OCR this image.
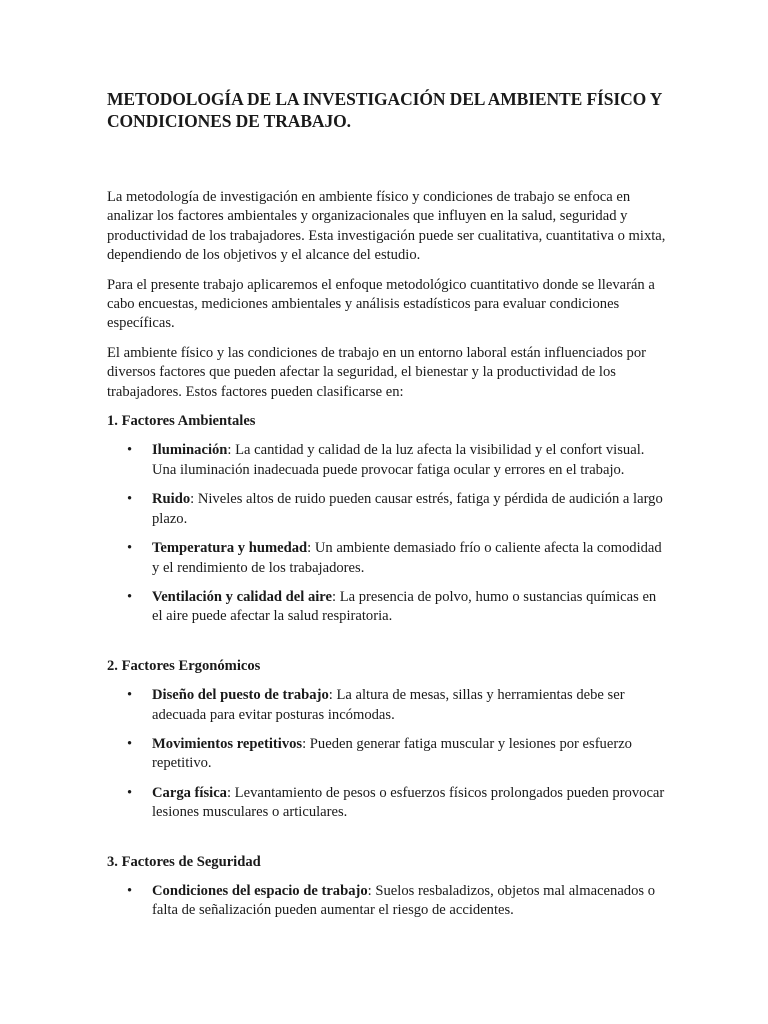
METODOLOGÍA DE LA INVESTIGACIÓN DEL AMBIENTE FÍSICO Y CONDICIONES DE TRABAJO.

La metodología de investigación en ambiente físico y condiciones de trabajo se enfoca en analizar los factores ambientales y organizacionales que influyen en la salud, seguridad y productividad de los trabajadores. Esta investigación puede ser cualitativa, cuantitativa o mixta, dependiendo de los objetivos y el alcance del estudio.

Para el presente trabajo aplicaremos el enfoque metodológico cuantitativo donde se llevarán a cabo encuestas, mediciones ambientales y análisis estadísticos para evaluar condiciones específicas.

El ambiente físico y las condiciones de trabajo en un entorno laboral están influenciados por diversos factores que pueden afectar la seguridad, el bienestar y la productividad de los trabajadores. Estos factores pueden clasificarse en:

1. Factores Ambientales

• Iluminación: La cantidad y calidad de la luz afecta la visibilidad y el confort visual. Una iluminación inadecuada puede provocar fatiga ocular y errores en el trabajo.
• Ruido: Niveles altos de ruido pueden causar estrés, fatiga y pérdida de audición a largo plazo.
• Temperatura y humedad: Un ambiente demasiado frío o caliente afecta la comodidad y el rendimiento de los trabajadores.
• Ventilación y calidad del aire: La presencia de polvo, humo o sustancias químicas en el aire puede afectar la salud respiratoria.

2. Factores Ergonómicos

• Diseño del puesto de trabajo: La altura de mesas, sillas y herramientas debe ser adecuada para evitar posturas incómodas.
• Movimientos repetitivos: Pueden generar fatiga muscular y lesiones por esfuerzo repetitivo.
• Carga física: Levantamiento de pesos o esfuerzos físicos prolongados pueden provocar lesiones musculares o articulares.

3. Factores de Seguridad

• Condiciones del espacio de trabajo: Suelos resbaladizos, objetos mal almacenados o falta de señalización pueden aumentar el riesgo de accidentes.
